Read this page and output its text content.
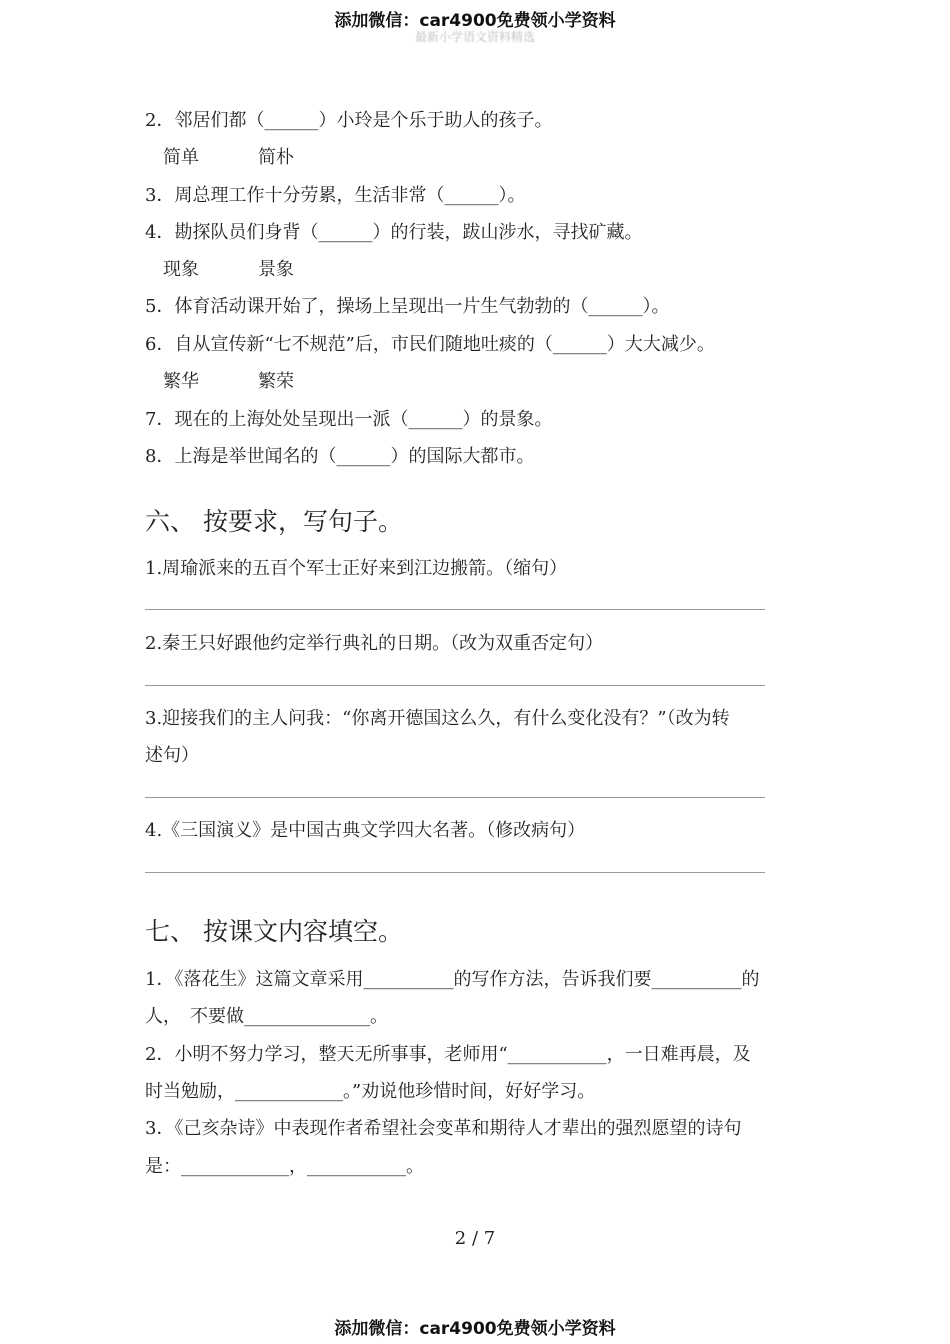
添加微信：car4900免费领小学资料
最新小学语文资料精选
2．邻居们都（______）小玲是个乐于助人的孩子。
简单	简朴
3．周总理工作十分劳累，生活非常（______）。
4．勘探队员们身背（______）的行装，跋山涉水，寻找矿藏。
现象	景象
5．体育活动课开始了，操场上呈现出一片生气勃勃的（______）。
6．自从宣传新“七不规范”后，市民们随地吐痰的（______）大大减少。
繁华	繁荣
7．现在的上海处处呈现出一派（______）的景象。
8．上海是举世闻名的（______）的国际大都市。
六、 按要求，写句子。
1.周瑜派来的五百个军士正好来到江边搬箭。（缩句）
2.秦王只好跟他约定举行典礼的日期。（改为双重否定句）
3.迎接我们的主人问我：“你离开德国这么久，有什么变化没有？”（改为转
述句）
4.《三国演义》是中国古典文学四大名著。（修改病句）
七、 按课文内容填空。
1．《落花生》这篇文章采用__________的写作方法，告诉我们要__________的
人，　不要做______________。
2．小明不努力学习，整天无所事事，老师用“___________，一日难再晨，及
时当勉励，____________。”劝说他珍惜时间，好好学习。
3．《己亥杂诗》中表现作者希望社会变革和期待人才辈出的强烈愿望的诗句
是：____________，___________。
2 / 7
添加微信：car4900免费领小学资料
